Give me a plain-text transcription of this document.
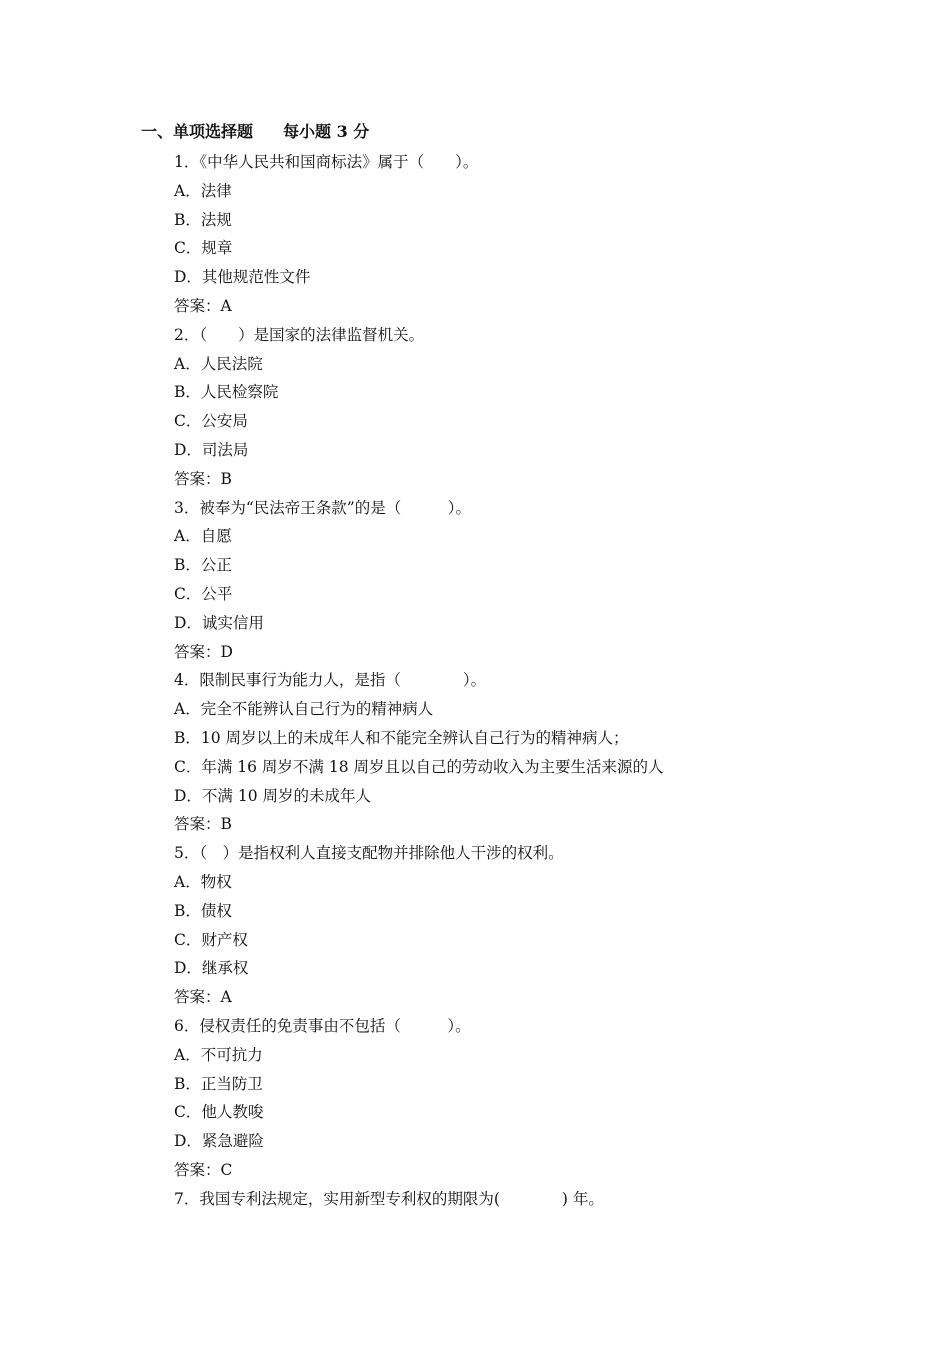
一、单项选择题 每小题 3 分
1．《中华人民共和国商标法》属于（　　）。
A．法律
B．法规
C．规章
D．其他规范性文件
答案：A
2．（　　）是国家的法律监督机关。
A．人民法院
B．人民检察院
C．公安局
D．司法局
答案：B
3．被奉为“民法帝王条款”的是（　　　）。
A．自愿
B．公正
C．公平
D．诚实信用
答案：D
4．限制民事行为能力人，是指（　　　　）。
A．完全不能辨认自己行为的精神病人
B．10 周岁以上的未成年人和不能完全辨认自己行为的精神病人；
C．年满 16 周岁不满 18 周岁且以自己的劳动收入为主要生活来源的人
D．不满 10 周岁的未成年人
答案：B
5．（　）是指权利人直接支配物并排除他人干涉的权利。
A．物权
B．债权
C．财产权
D．继承权
答案：A
6．侵权责任的免责事由不包括（　　　）。
A．不可抗力
B．正当防卫
C．他人教唆
D．紧急避险
答案：C
7．我国专利法规定，实用新型专利权的期限为(　　　　) 年。
